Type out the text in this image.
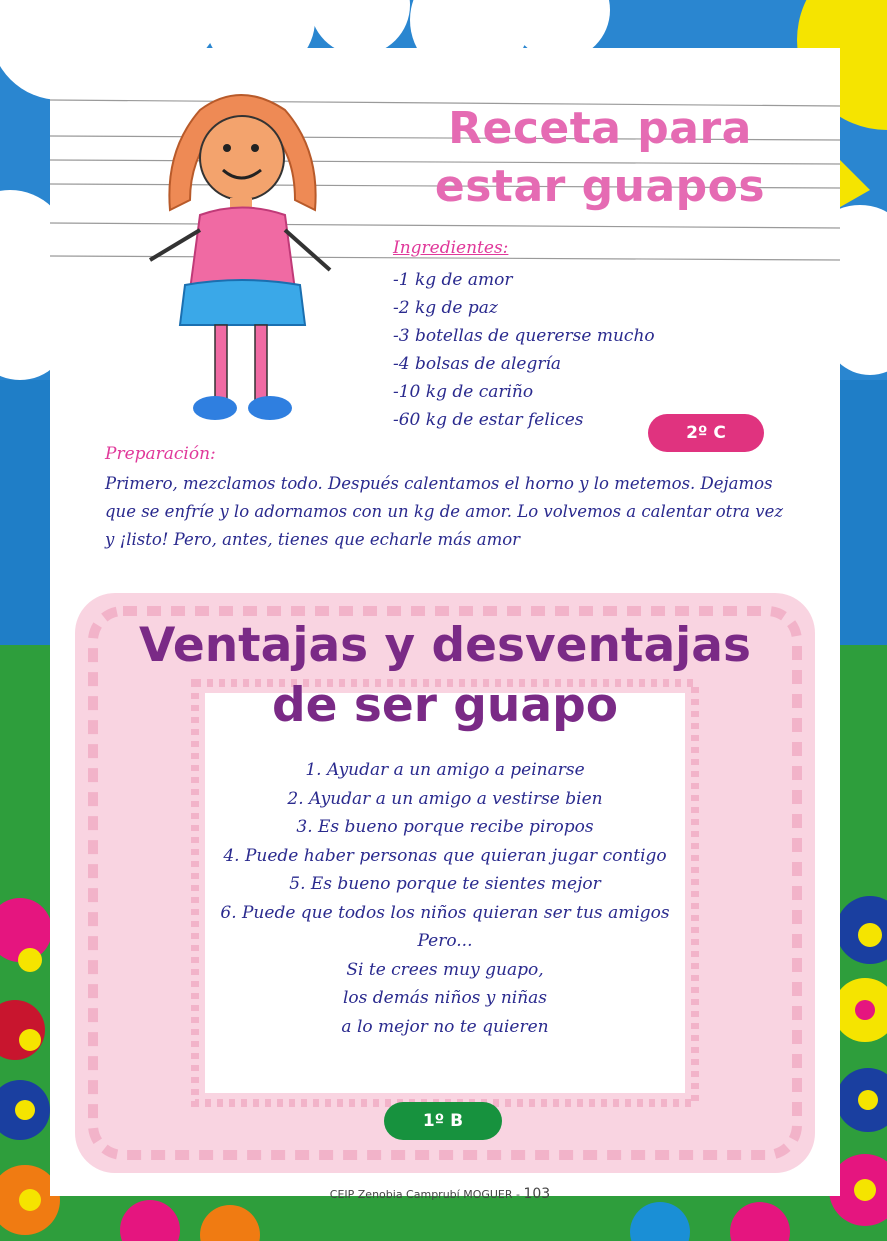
Receta para
estar guapos
Ingredientes:
-1 kg de amor
-2 kg de paz
-3 botellas de quererse mucho
-4 bolsas de alegría
-10 kg de cariño
-60 kg de estar felices
2º C
Preparación:
Primero, mezclamos todo. Después calentamos el horno y lo metemos. Dejamos que se enfríe y lo adornamos con un kg de amor. Lo volvemos a calentar otra vez y ¡listo! Pero, antes, tienes que echarle más amor
Ventajas y desventajas
de ser guapo
1. Ayudar a un amigo a peinarse
2. Ayudar a un amigo a vestirse bien
3. Es bueno porque recibe piropos
4. Puede haber personas que quieran jugar contigo
5. Es bueno porque te sientes mejor
6. Puede que todos los niños quieran ser tus amigos
Pero...
Si te crees muy guapo,
los demás niños y niñas
a lo mejor no te quieren
1º B
CEIP Zenobia Camprubí MOGUER - 103
